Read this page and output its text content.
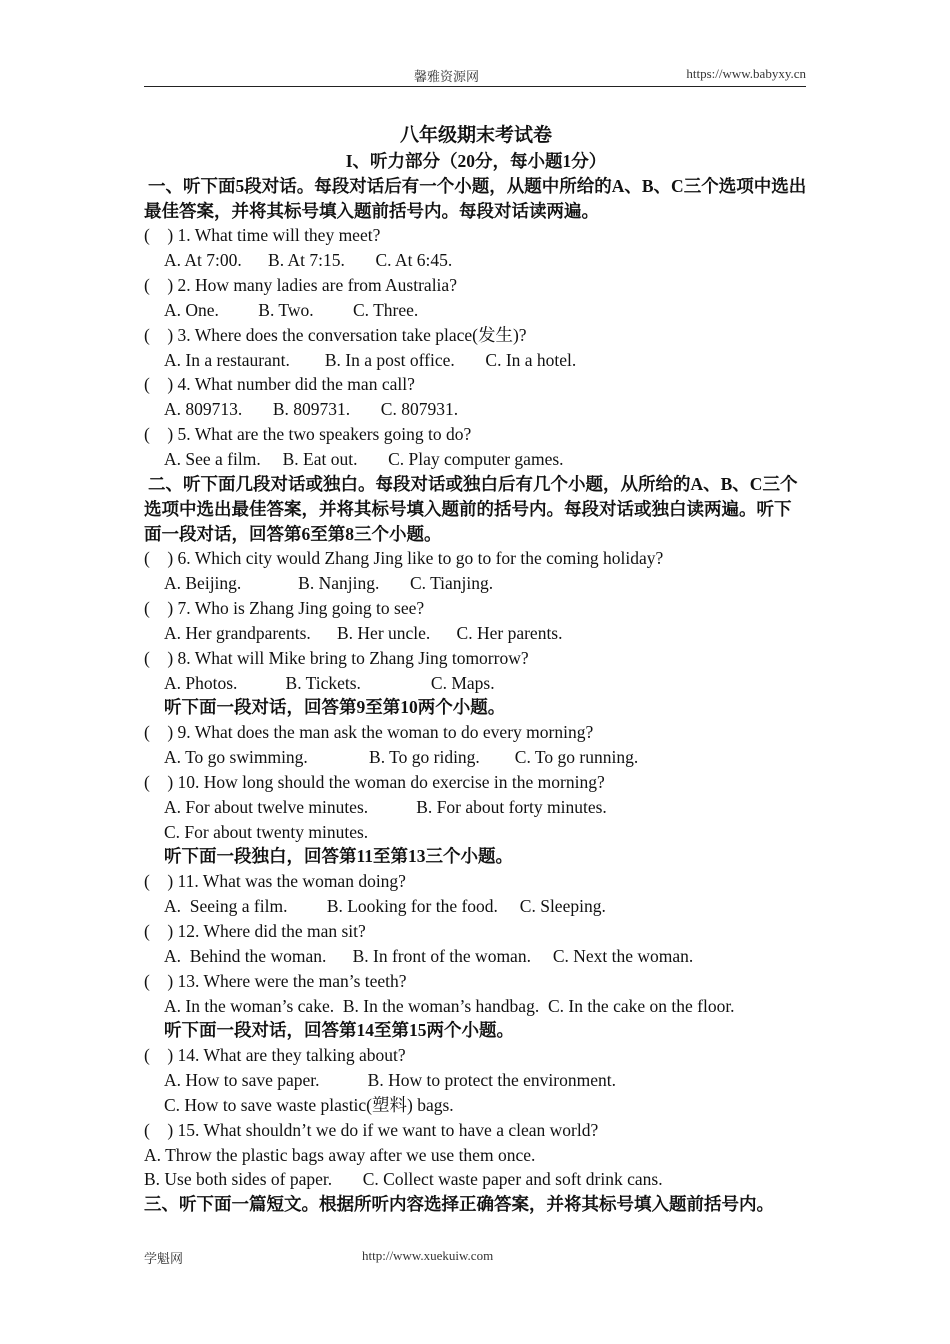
馨雅资源网	https://www.babyxy.cn
八年级期末考试卷
I、听力部分（20分，每小题1分）
一、听下面5段对话。每段对话后有一个小题，从题中所给的A、B、C三个选项中选出最佳答案，并将其标号填入题前括号内。每段对话读两遍。
(    ) 1. What time will they meet?
A. At 7:00.      B. At 7:15.       C. At 6:45.
(    ) 2. How many ladies are from Australia?
A. One.         B. Two.         C. Three.
(    ) 3. Where does the conversation take place(发生)?
A. In a restaurant.        B. In a post office.       C. In a hotel.
(    ) 4. What number did the man call?
A. 809713.       B. 809731.       C. 807931.
(    ) 5. What are the two speakers going to do?
A. See a film.     B. Eat out.       C. Play computer games.
二、听下面几段对话或独白。每段对话或独白后有几个小题，从所给的A、B、C三个选项中选出最佳答案，并将其标号填入题前的括号内。每段对话或独白读两遍。听下面一段对话，回答第6至第8三个小题。
(    ) 6. Which city would Zhang Jing like to go to for the coming holiday?
A. Beijing.             B. Nanjing.       C. Tianjing.
(    ) 7. Who is Zhang Jing going to see?
A. Her grandparents.      B. Her uncle.      C. Her parents.
(    ) 8. What will Mike bring to Zhang Jing tomorrow?
A. Photos.           B. Tickets.                C. Maps.
听下面一段对话，回答第9至第10两个小题。
(    ) 9. What does the man ask the woman to do every morning?
A. To go swimming.              B. To go riding.        C. To go running.
(    ) 10. How long should the woman do exercise in the morning?
A. For about twelve minutes.           B. For about forty minutes.
C. For about twenty minutes.
听下面一段独白，回答第11至第13三个小题。
(    ) 11. What was the woman doing?
A.  Seeing a film.         B. Looking for the food.     C. Sleeping.
(    ) 12. Where did the man sit?
A.  Behind the woman.      B. In front of the woman.     C. Next the woman.
(    ) 13. Where were the man’s teeth?
A. In the woman’s cake.  B. In the woman’s handbag.  C. In the cake on the floor.
听下面一段对话，回答第14至第15两个小题。
(    ) 14. What are they talking about?
A. How to save paper.           B. How to protect the environment.
C. How to save waste plastic(塑料) bags.
(    ) 15. What shouldn’t we do if we want to have a clean world?
A. Throw the plastic bags away after we use them once.
B. Use both sides of paper.       C. Collect waste paper and soft drink cans.
三、听下面一篇短文。根据所听内容选择正确答案，并将其标号填入题前括号内。
学魁网	http://www.xuekuiw.com
